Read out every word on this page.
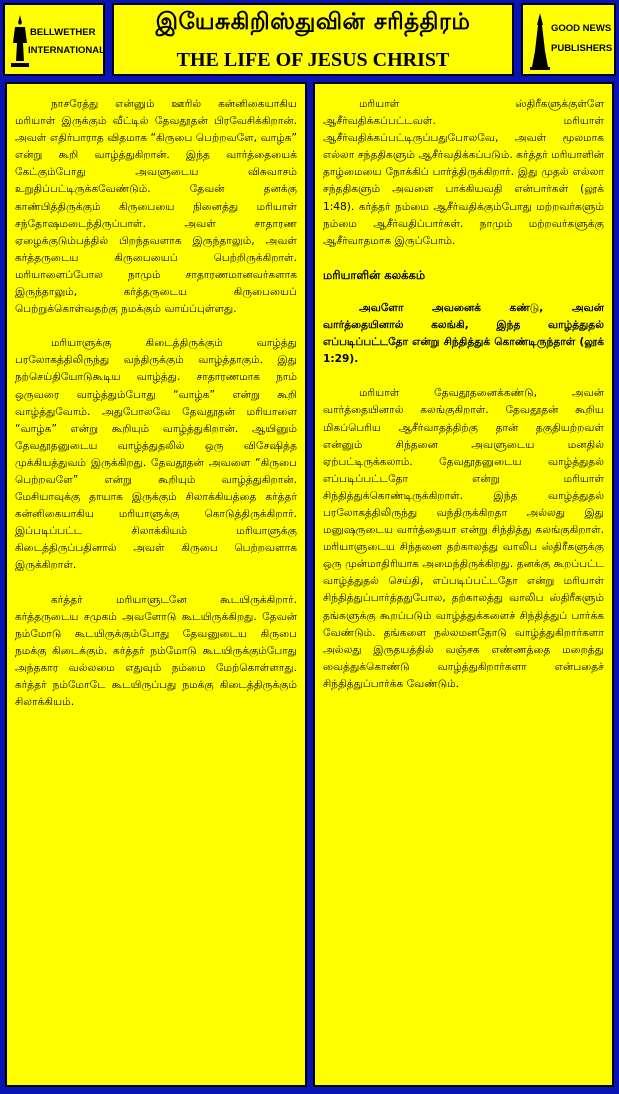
BELLWETHER
INTERNATIONAL
இயேசுகிறிஸ்துவின் சரித்திரம்
THE LIFE OF JESUS CHRIST
GOOD NEWS
PUBLISHERS

நாசரேத்து என்னும் ஊரில் கன்னிகையாகிய மரியாள் இருக்கும் வீட்டில் தேவதூதன் பிரவேசிக்கிறான். அவள் எதிர்பாராத விதமாக “கிருபை பெற்றவளே, வாழ்க” என்று கூறி வாழ்த்துகிறான். இந்த வார்த்தையைக் கேட்கும்போது அவளுடைய விசுவாசம் உறுதிப்பட்டிருக்கவேண்டும். தேவன் தனக்கு காண்பித்திருக்கும் கிருபையை நினைத்து மரியாள் சந்தோஷமடைந்திருப்பாள். அவள் சாதாரண ஏழைக்குடும்பத்தில் பிறந்தவளாக இருந்தாலும், அவள் கர்த்தருடைய கிருபையைப் பெற்றிருக்கிறாள். மரியாளைப்போல நாமும் சாதாரணமானவர்களாக இருந்தாலும், கர்த்தருடைய கிருபையைப் பெற்றுக்கொள்வதற்கு நமக்கும் வாய்ப்புள்ளது.

மரியாளுக்கு கிடைத்திருக்கும் வாழ்த்து பரலோகத்திலிருந்து வந்திருக்கும் வாழ்த்தாகும். இது நற்செய்தியோடுகூடிய வாழ்த்து. சாதாரணமாக நாம் ஒருவரை வாழ்த்தும்போது “வாழ்க” என்று கூறி வாழ்த்துவோம். அதுபோலவே தேவதூதன் மரியாளை “வாழ்க” என்று கூறியும் வாழ்த்துகிறான். ஆயினும் தேவதூதனுடைய வாழ்த்துதலில் ஒரு விசேஷித்த முக்கியத்துவம் இருக்கிறது. தேவதூதன் அவளை “கிருபை பெற்றவளே” என்று கூறியும் வாழ்த்துகிறான். மேசியாவுக்கு தாயாக இருக்கும் சிலாக்கியத்தை கர்த்தர் கன்னிகையாகிய மரியாளுக்கு கொடுத்திருக்கிறார். இப்படிப்பட்ட சிலாக்கியம் மரியாளுக்கு கிடைத்திருப்பதினால் அவள் கிருபை பெற்றவளாக இருக்கிறாள்.

கர்த்தர் மரியாளுடனே கூடயிருக்கிறார். கர்த்தருடைய சமுகம் அவளோடு கூடயிருக்கிறது. தேவன் நம்மோடு கூடயிருக்கும்போது தேவனுடைய கிருபை நமக்கு கிடைக்கும். கர்த்தர் நம்மோடு கூடயிருக்கும்போது அந்தகார வல்லமை எதுவும் நம்மை மேற்கொள்ளாது. கர்த்தர் நம்மோடே கூடயிருப்பது நமக்கு கிடைத்திருக்கும் சிலாக்கியம்.

மரியாள் ஸ்திரீகளுக்குள்ளே ஆசீர்வதிக்கப்பட்டவள். மரியாள் ஆசீர்வதிக்கப்பட்டிருப்பதுபோலவே, அவள் மூலமாக எல்லா சந்ததிகளும் ஆசீர்வதிக்கப்படும். கர்த்தர் மரியாளின் தாழ்மையை நோக்கிப் பார்த்திருக்கிறார். இது முதல் எல்லா சந்ததிகளும் அவளை பாக்கியவதி என்பார்கள் (லூக் 1:48). கர்த்தர் நம்மை ஆசீர்வதிக்கும்போது மற்றவர்களும் நம்மை ஆசீர்வதிப்பார்கள். நாமும் மற்றவர்களுக்கு ஆசீர்வாதமாக இருப்போம்.

மரியாளின் கலக்கம்

அவளோ அவனைக் கண்டு, அவன் வார்த்தையினால் கலங்கி, இந்த வாழ்த்துதல் எப்படிப்பட்டதோ என்று சிந்தித்துக் கொண்டிருந்தாள் (லூக் 1:29).

மரியாள் தேவதூதனைக்கண்டு, அவன் வார்த்தையினால் கலங்குகிறாள். தேவதூதன் கூறிய மிகப்பெரிய ஆசீர்வாதத்திற்கு தான் தகுதியற்றவள் என்னும் சிந்தனை அவளுடைய மனதில் ஏற்பட்டிருக்கலாம். தேவதூதனுடைய வாழ்த்துதல் எப்படிப்பட்டதோ என்று மரியாள் சிந்தித்துக்கொண்டிருக்கிறாள். இந்த வாழ்த்துதல் பரலோகத்திலிருந்து வந்திருக்கிறதா அல்லது இது மனுஷருடைய வார்த்தையா என்று சிந்தித்து கலங்குகிறாள். மரியாளுடைய சிந்தனை தற்காலத்து வாலிப ஸ்திரீகளுக்கு ஒரு முன்மாதிரியாக அமைந்திருக்கிறது. தனக்கு கூறப்பட்ட வாழ்த்துதல் செய்தி, எப்படிப்பட்டதோ என்று மரியாள் சிந்தித்துப்பார்த்ததுபோல, தற்காலத்து வாலிப ஸ்திரீகளும் தங்களுக்கு கூறப்படும் வாழ்த்துக்களைச் சிந்தித்துப் பார்க்க வேண்டும். தங்களை நல்லமனதோடு வாழ்த்துகிறார்களா அல்லது இருதயத்தில் வஞ்சக எண்ணத்தை மறைத்து வைத்துக்கொண்டு வாழ்த்துகிறார்களா என்பதைச் சிந்தித்துப்பார்க்க வேண்டும்.
